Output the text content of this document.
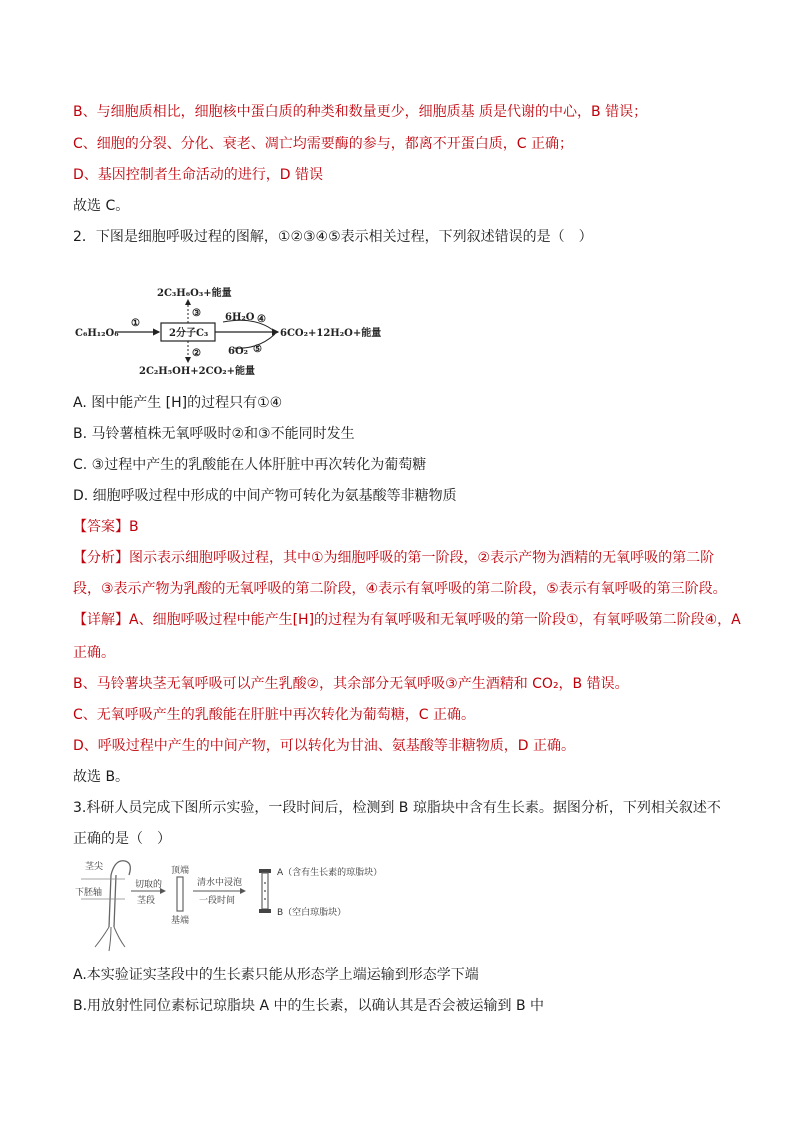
B、与细胞质相比，细胞核中蛋白质的种类和数量更少，细胞质基 质是代谢的中心，B 错误；
C、细胞的分裂、分化、衰老、凋亡均需要酶的参与，都离不开蛋白质，C 正确；
D、基因控制者生命活动的进行，D 错误
故选 C。
2．下图是细胞呼吸过程的图解，①②③④⑤表示相关过程，下列叙述错误的是（　）
C₆H₁₂O₆
①
2分子C₃
③
2C₃H₆O₃+能量
②
2C₂H₅OH+2CO₂+能量
6H₂O ④
6O₂ ⑤
6CO₂+12H₂O+能量
A. 图中能产生 [H]的过程只有①④
B. 马铃薯植株无氧呼吸时②和③不能同时发生
C. ③过程中产生的乳酸能在人体肝脏中再次转化为葡萄糖
D. 细胞呼吸过程中形成的中间产物可转化为氨基酸等非糖物质
【答案】B
【分析】图示表示细胞呼吸过程，其中①为细胞呼吸的第一阶段，②表示产物为酒精的无氧呼吸的第二阶
段，③表示产物为乳酸的无氧呼吸的第二阶段，④表示有氧呼吸的第二阶段，⑤表示有氧呼吸的第三阶段。
【详解】A、细胞呼吸过程中能产生[H]的过程为有氧呼吸和无氧呼吸的第一阶段①，有氧呼吸第二阶段④，A
正确。
B、马铃薯块茎无氧呼吸可以产生乳酸②，其余部分无氧呼吸③产生酒精和 CO₂，B 错误。
C、无氧呼吸产生的乳酸能在肝脏中再次转化为葡萄糖，C 正确。
D、呼吸过程中产生的中间产物，可以转化为甘油、氨基酸等非糖物质，D 正确。
故选 B。
3.科研人员完成下图所示实验，一段时间后，检测到 B 琼脂块中含有生长素。据图分析，下列相关叙述不
正确的是（　）
茎尖
下胚轴
切取的
茎段
顶端
基端
清水中浸泡
一段时间
A（含有生长素的琼脂块）
B（空白琼脂块）
A.本实验证实茎段中的生长素只能从形态学上端运输到形态学下端
B.用放射性同位素标记琼脂块 A 中的生长素，以确认其是否会被运输到 B 中
